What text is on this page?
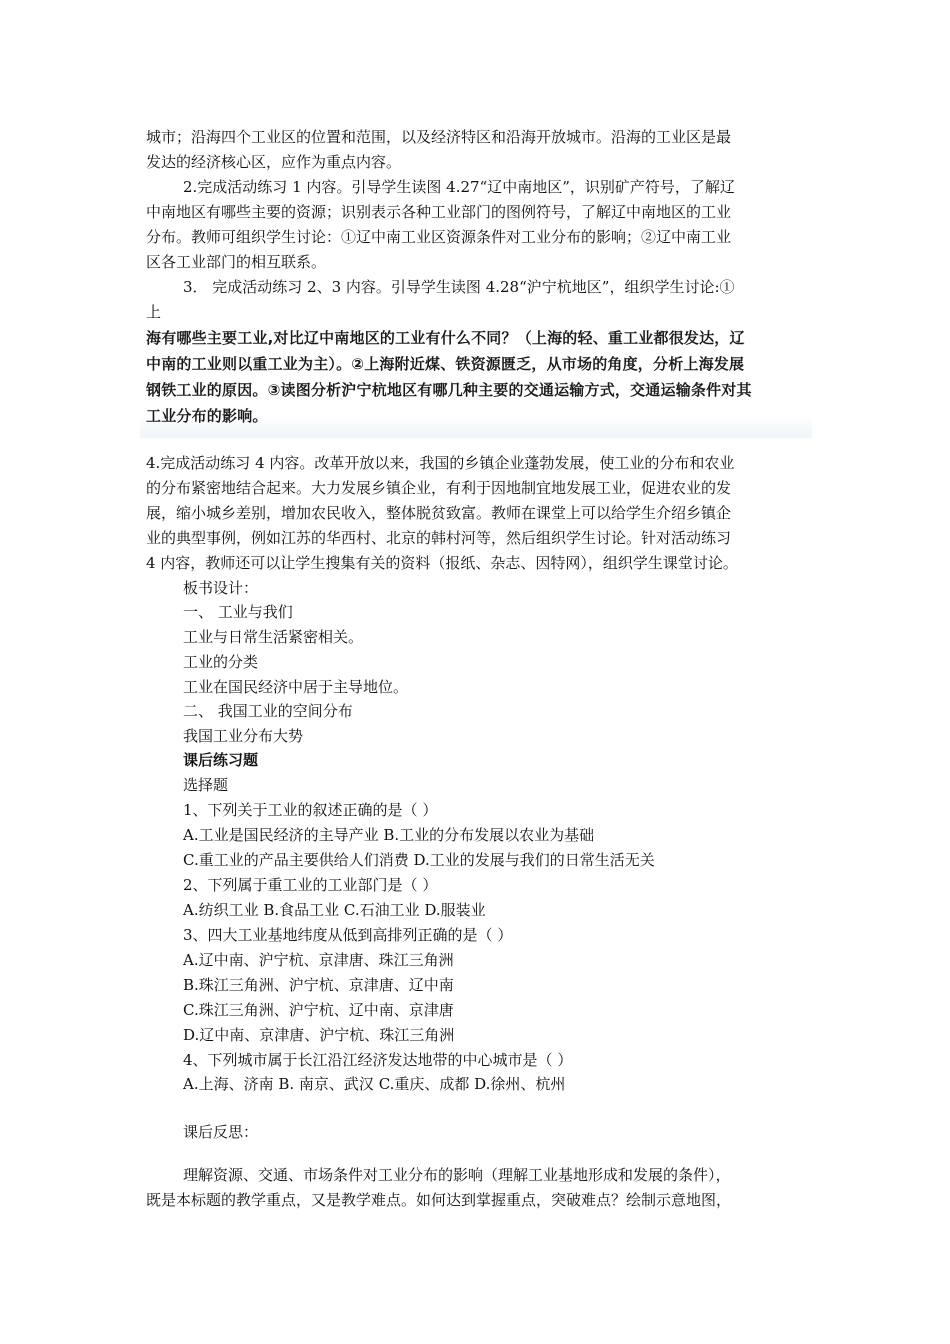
城市；沿海四个工业区的位置和范围，以及经济特区和沿海开放城市。沿海的工业区是最
发达的经济核心区，应作为重点内容。
2.完成活动练习 1 内容。引导学生读图 4.27“辽中南地区”，识别矿产符号，了解辽
中南地区有哪些主要的资源；识别表示各种工业部门的图例符号，了解辽中南地区的工业
分布。教师可组织学生讨论：①辽中南工业区资源条件对工业分布的影响；②辽中南工业
区各工业部门的相互联系。
3． 完成活动练习 2、3 内容。引导学生读图 4.28“沪宁杭地区”，组织学生讨论:①
上
海有哪些主要工业,对比辽中南地区的工业有什么不同？（上海的轻、重工业都很发达，辽
中南的工业则以重工业为主）。②上海附近煤、铁资源匮乏，从市场的角度，分析上海发展
钢铁工业的原因。③读图分析沪宁杭地区有哪几种主要的交通运输方式，交通运输条件对其
工业分布的影响。
4.完成活动练习 4 内容。改革开放以来，我国的乡镇企业蓬勃发展，使工业的分布和农业
的分布紧密地结合起来。大力发展乡镇企业，有利于因地制宜地发展工业，促进农业的发
展，缩小城乡差别，增加农民收入，整体脱贫致富。教师在课堂上可以给学生介绍乡镇企
业的典型事例，例如江苏的华西村、北京的韩村河等，然后组织学生讨论。针对活动练习
4 内容，教师还可以让学生搜集有关的资料（报纸、杂志、因特网），组织学生课堂讨论。
板书设计：
一、 工业与我们
工业与日常生活紧密相关。
工业的分类
工业在国民经济中居于主导地位。
二、 我国工业的空间分布
我国工业分布大势
课后练习题
选择题
1、下列关于工业的叙述正确的是（ ）
A.工业是国民经济的主导产业 B.工业的分布发展以农业为基础
C.重工业的产品主要供给人们消费 D.工业的发展与我们的日常生活无关
2、下列属于重工业的工业部门是（ ）
A.纺织工业 B.食品工业 C.石油工业 D.服装业
3、四大工业基地纬度从低到高排列正确的是（ ）
A.辽中南、沪宁杭、京津唐、珠江三角洲
B.珠江三角洲、沪宁杭、京津唐、辽中南
C.珠江三角洲、沪宁杭、辽中南、京津唐
D.辽中南、京津唐、沪宁杭、珠江三角洲
4、下列城市属于长江沿江经济发达地带的中心城市是（ ）
A.上海、济南 B. 南京、武汉 C.重庆、成都 D.徐州、杭州
课后反思：
理解资源、交通、市场条件对工业分布的影响（理解工业基地形成和发展的条件），
既是本标题的教学重点，又是教学难点。如何达到掌握重点，突破难点？绘制示意地图，
